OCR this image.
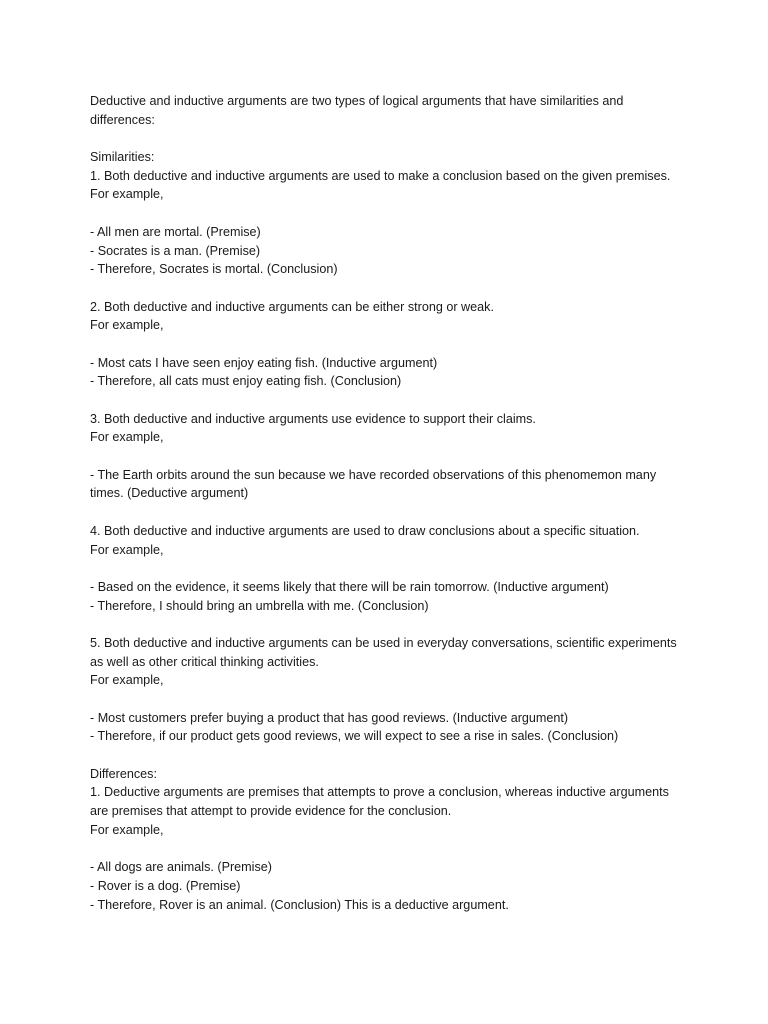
Deductive and inductive arguments are two types of logical arguments that have similarities and
differences:
Similarities:
1. Both deductive and inductive arguments are used to make a conclusion based on the given premises.
For example,
- All men are mortal. (Premise)
- Socrates is a man. (Premise)
- Therefore, Socrates is mortal. (Conclusion)
2. Both deductive and inductive arguments can be either strong or weak.
For example,
- Most cats I have seen enjoy eating fish. (Inductive argument)
- Therefore, all cats must enjoy eating fish. (Conclusion)
3. Both deductive and inductive arguments use evidence to support their claims.
For example,
- The Earth orbits around the sun because we have recorded observations of this phenomemon many
times. (Deductive argument)
4. Both deductive and inductive arguments are used to draw conclusions about a specific situation.
For example,
- Based on the evidence, it seems likely that there will be rain tomorrow. (Inductive argument)
- Therefore, I should bring an umbrella with me. (Conclusion)
5. Both deductive and inductive arguments can be used in everyday conversations, scientific experiments
as well as other critical thinking activities.
For example,
- Most customers prefer buying a product that has good reviews. (Inductive argument)
- Therefore, if our product gets good reviews, we will expect to see a rise in sales. (Conclusion)
Differences:
1. Deductive arguments are premises that attempts to prove a conclusion, whereas inductive arguments
are premises that attempt to provide evidence for the conclusion.
For example,
- All dogs are animals. (Premise)
- Rover is a dog. (Premise)
- Therefore, Rover is an animal. (Conclusion) This is a deductive argument.
